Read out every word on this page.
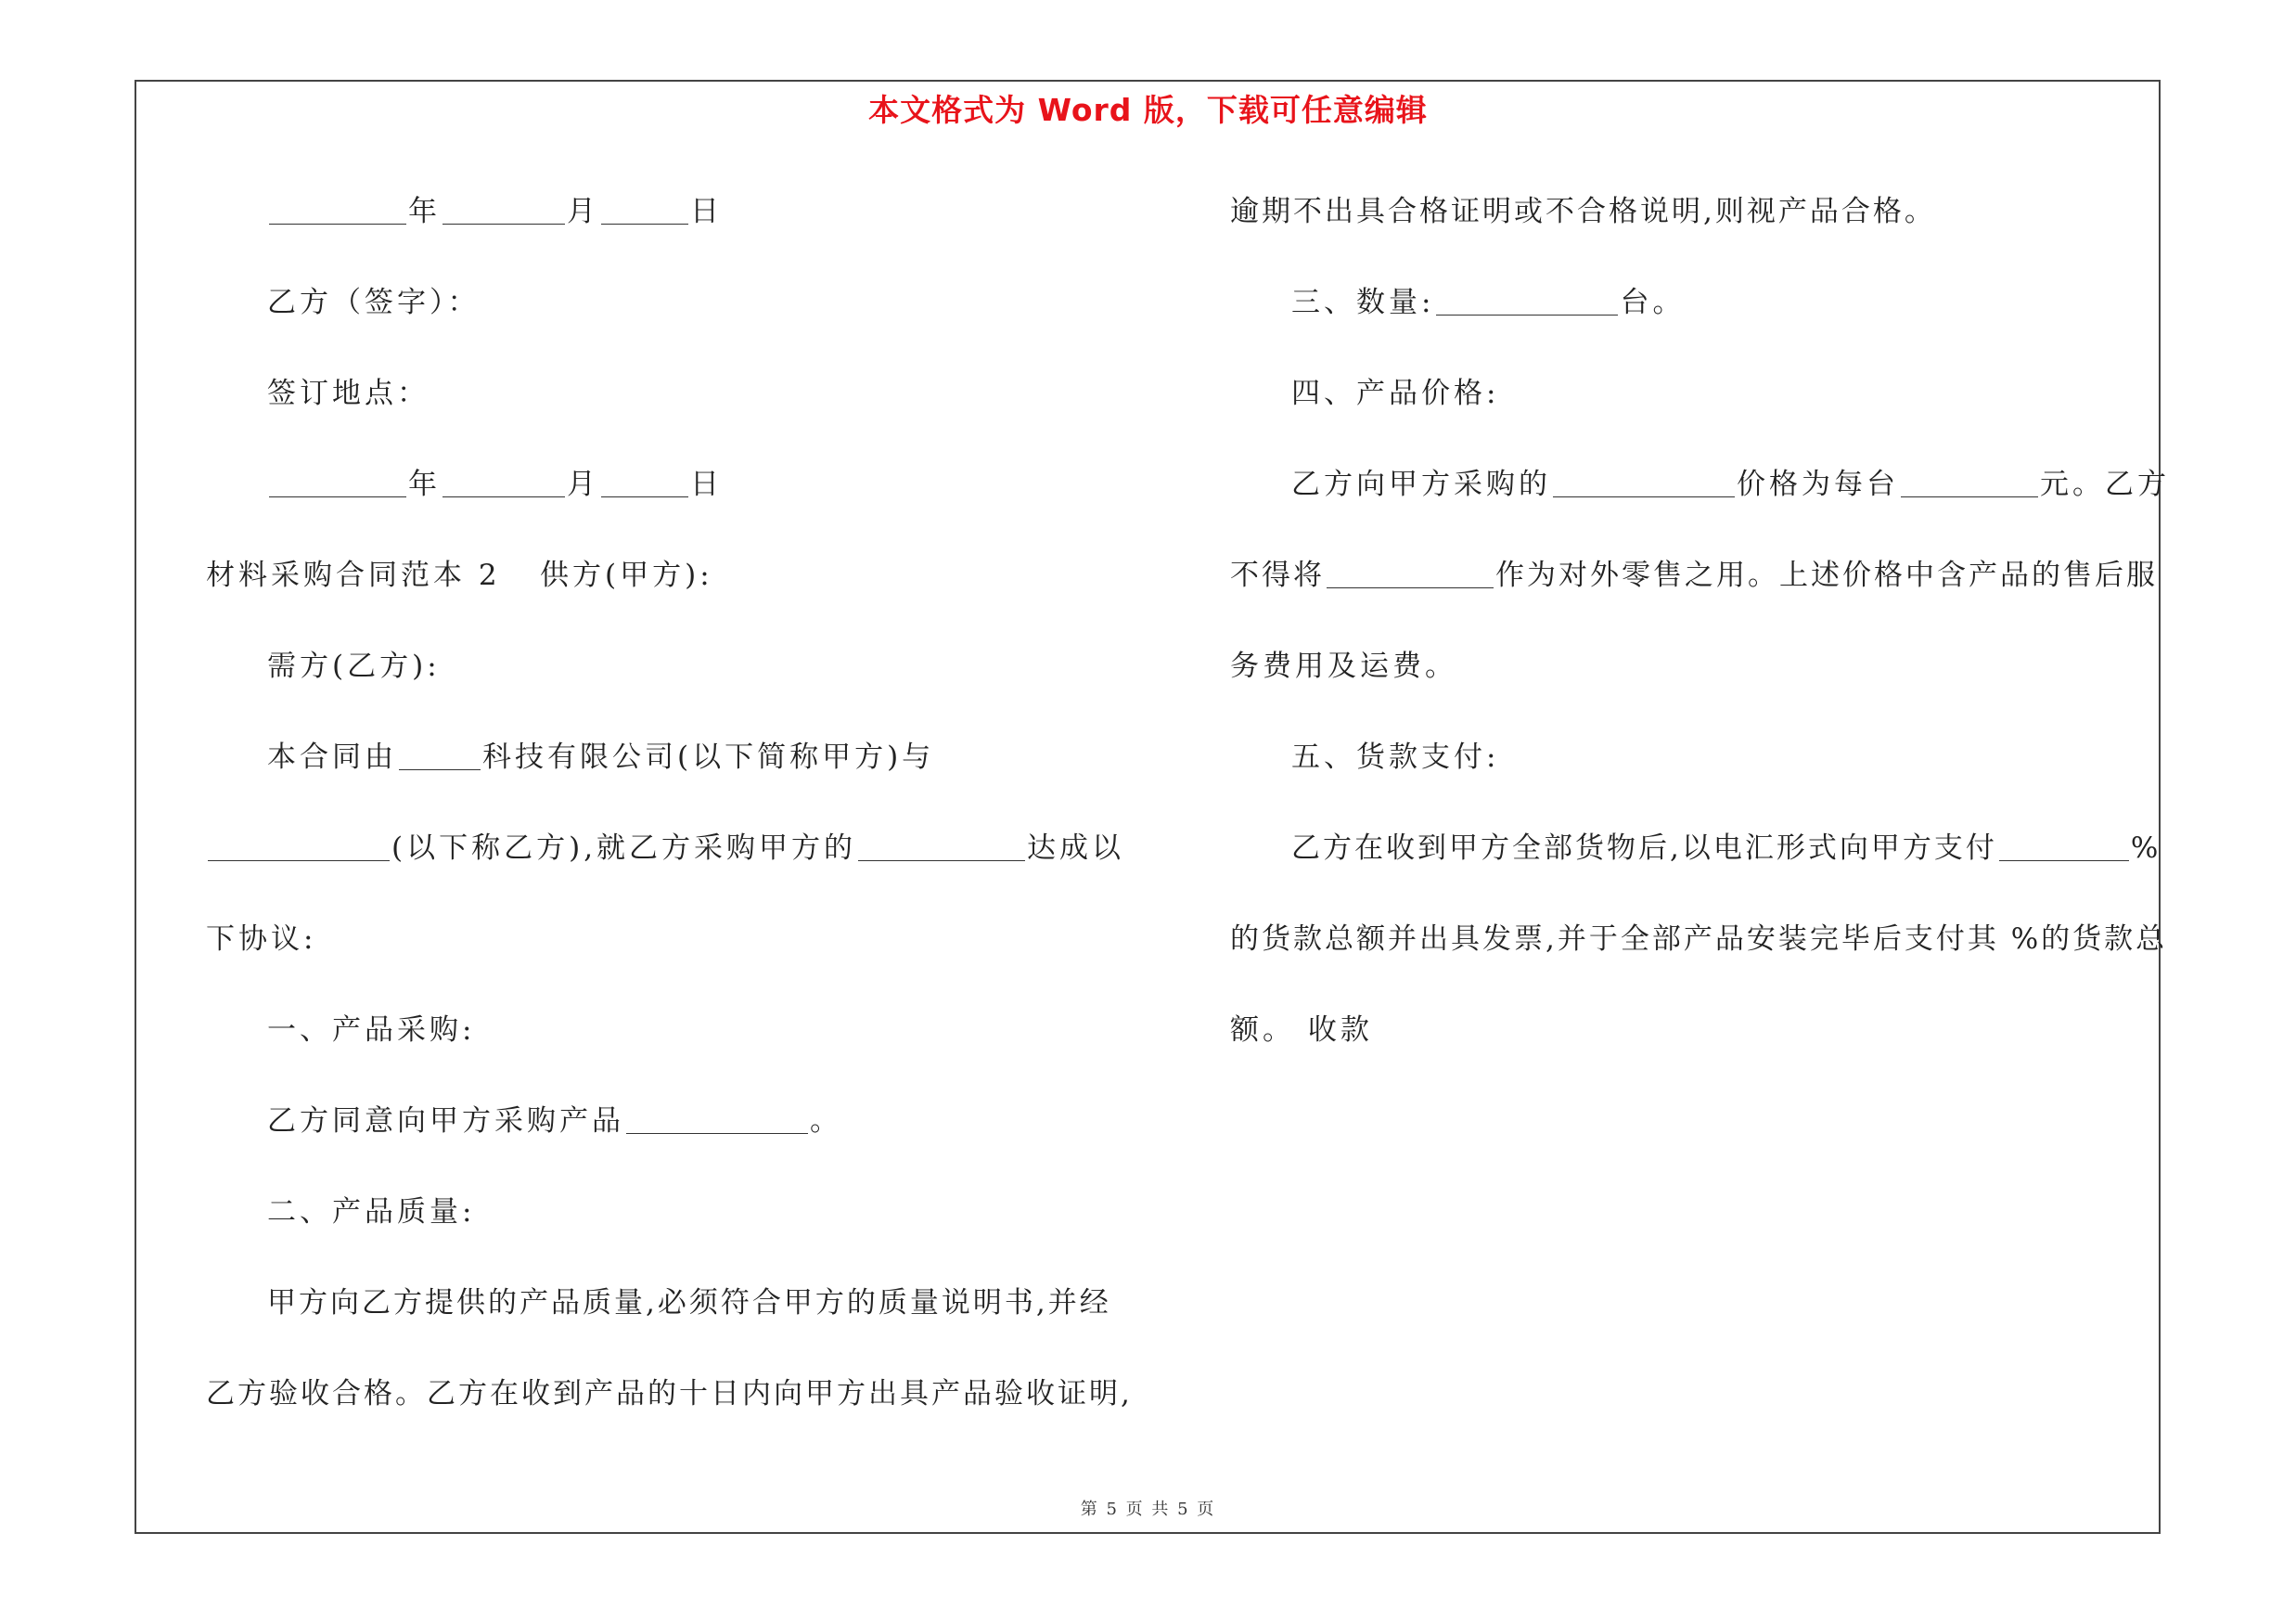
本文格式为 Word 版，下载可任意编辑
年	月	日
乙方（签字）：
签订地点：
年	月	日
材料采购合同范本 2 供方(甲方):
需方(乙方):
本合同由	科技有限公司(以下简称甲方)与
(以下称乙方),就乙方采购甲方的	达成以
下协议:
一、产品采购:
乙方同意向甲方采购产品	。
二、产品质量:
甲方向乙方提供的产品质量,必须符合甲方的质量说明书,并经
乙方验收合格。乙方在收到产品的十日内向甲方出具产品验收证明,
逾期不出具合格证明或不合格说明,则视产品合格。
三、数量:	台。
四、产品价格:
乙方向甲方采购的	价格为每台	元。乙方
不得将	作为对外零售之用。上述价格中含产品的售后服
务费用及运费。
五、货款支付:
乙方在收到甲方全部货物后,以电汇形式向甲方支付	%
的货款总额并出具发票,并于全部产品安装完毕后支付其 %的货款总
额。 收款
第 5 页 共 5 页
